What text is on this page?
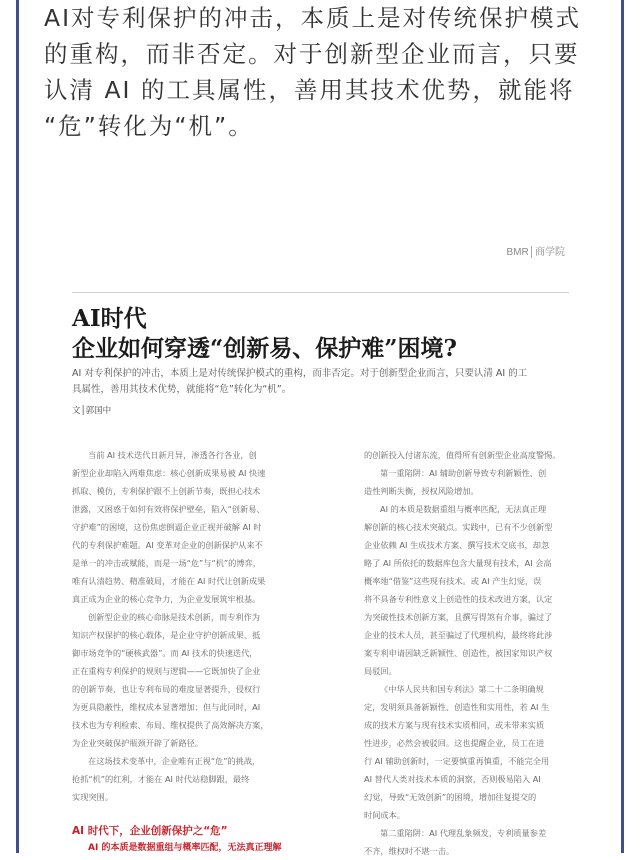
AI对专利保护的冲击，本质上是对传统保护模式

的重构，而非否定。对于创新型企业而言，只要

认清 AI 的工具属性，善用其技术优势，就能将

“危”转化为“机”。

BMR│商学院
AI时代
企业如何穿透“创新易、保护难”困境?

AI 对专利保护的冲击，本质上是对传统保护模式的重构，而非否定。对于创新型企业而言，只要认清 AI 的工

具属性，善用其技术优势，就能将“危”转化为“机”。

文│郭国中

当前 AI 技术迭代日新月异，渗透各行各业，创

新型企业却陷入两难焦虑：核心创新成果易被 AI 快速

抓取、模仿，专利保护跟不上创新节奏，既担心技术

泄露，又困惑于如何有效将保护壁垒，陷入“创新易、

守护难”的困境，这份焦虑倒逼企业正视并破解 AI 时

代的专利保护难题。AI 变革对企业的创新保护从来不

是单一的冲击或赋能，而是一场“危”与“机”的博弈，

唯有认清趋势、精准破局，才能在 AI 时代让创新成果

真正成为企业的核心竞争力，为企业发展筑牢根基。

创新型企业的核心命脉是技术创新，而专利作为

知识产权保护的核心载体，是企业守护创新成果、抵

御市场竞争的“硬核武器”。而 AI 技术的快速迭代，

正在重构专利保护的规则与逻辑——它既加快了企业

的创新节奏，也让专利布局的难度显著提升，侵权行

为更具隐蔽性，维权成本显著增加；但与此同时，AI

技术也为专利检索、布局、维权提供了高效解决方案，

为企业突破保护瓶颈开辟了新路径。

在这场技术变革中，企业唯有正视“危”的挑战，

抢抓“机”的红利，才能在 AI 时代站稳脚跟，最终

实现突围。

的创新投入付诸东流，值得所有创新型企业高度警惕。

第一重陷阱：AI 辅助创新导致专利新颖性、创

造性判断失衡，授权风险增加。

AI 的本质是数据重组与概率匹配，无法真正理

解创新的核心技术突破点。实践中，已有不少创新型

企业依赖 AI 生成技术方案、撰写技术交底书，却忽

略了 AI 所依托的数据库包含大量现有技术，AI 会高

概率地“借鉴”这些现有技术。或 AI 产生幻觉，误

将不具备专利性意义上创造性的技术改进方案，认定

为突破性技术创新方案，且撰写得煞有介事，骗过了

企业的技术人员，甚至骗过了代理机构，最终将此涉

案专利申请因缺乏新颖性、创造性，被国家知识产权

局驳回。

《中华人民共和国专利法》第二十二条明确规

定，发明须具备新颖性、创造性和实用性，若 AI 生

成的技术方案与现有技术实质相同，或未带来实质

性进步，必然会被驳回。这也提醒企业，员工在进

行 AI 辅助创新时，一定要慎重再慎重，不能完全用

AI 替代人类对技术本质的洞察，否则极易陷入 AI

幻觉，导致“无效创新”的困境，增加往复提交的

时间成本。

第二重陷阱：AI 代理乱象频发，专利质量参差

不齐，维权时不堪一击。

AI 时代下，企业创新保护之“危”
AI 的本质是数据重组与概率匹配，无法真正理解
